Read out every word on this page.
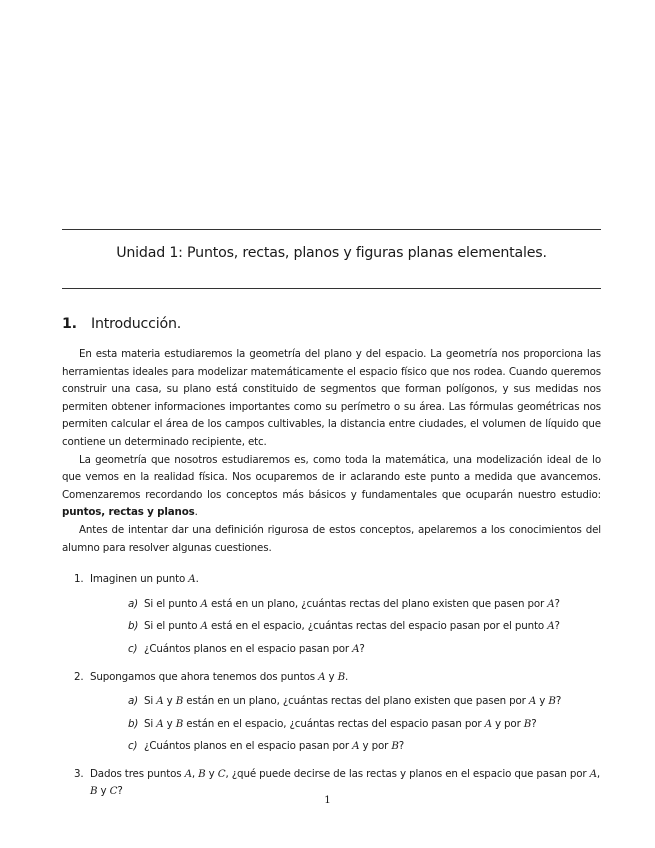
Unidad 1: Puntos, rectas, planos y figuras planas elementales.
1. Introducción.

En esta materia estudiaremos la geometría del plano y del espacio. La geometría nos proporciona las herramientas ideales para modelizar matemáticamente el espacio físico que nos rodea. Cuando queremos construir una casa, su plano está constituido de segmentos que forman polígonos, y sus medidas nos permiten obtener informaciones importantes como su perímetro o su área. Las fórmulas geométricas nos permiten calcular el área de los campos cultivables, la distancia entre ciudades, el volumen de líquido que contiene un determinado recipiente, etc.

La geometría que nosotros estudiaremos es, como toda la matemática, una modelización ideal de lo que vemos en la realidad física. Nos ocuparemos de ir aclarando este punto a medida que avancemos. Comenzaremos recordando los conceptos más básicos y fundamentales que ocuparán nuestro estudio: puntos, rectas y planos.

Antes de intentar dar una definición rigurosa de estos conceptos, apelaremos a los conocimientos del alumno para resolver algunas cuestiones.

1. Imaginen un punto A.
a) Si el punto A está en un plano, ¿cuántas rectas del plano existen que pasen por A?
b) Si el punto A está en el espacio, ¿cuántas rectas del espacio pasan por el punto A?
c) ¿Cuántos planos en el espacio pasan por A?
2. Supongamos que ahora tenemos dos puntos A y B.
a) Si A y B están en un plano, ¿cuántas rectas del plano existen que pasen por A y B?
b) Si A y B están en el espacio, ¿cuántas rectas del espacio pasan por A y por B?
c) ¿Cuántos planos en el espacio pasan por A y por B?
3. Dados tres puntos A, B y C, ¿qué puede decirse de las rectas y planos en el espacio que pasan por A, B y C?
1
